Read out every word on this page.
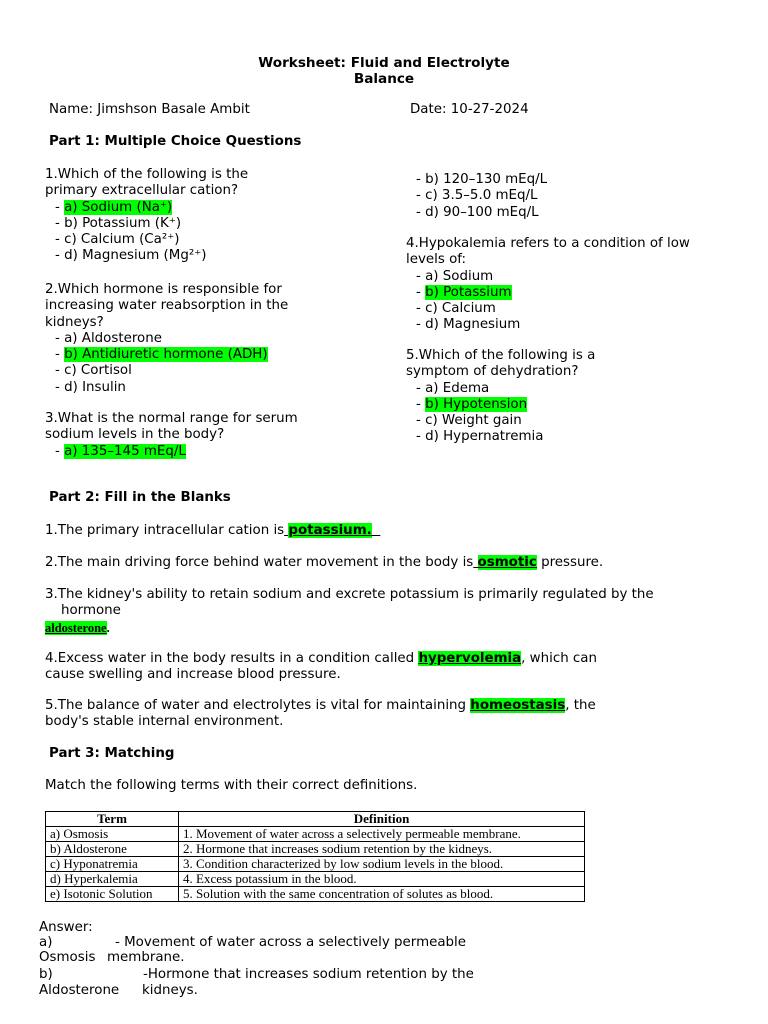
Worksheet: Fluid and Electrolyte
Balance
Name: Jimshson Basale Ambit	Date: 10-27-2024
Part 1: Multiple Choice Questions
1.Which of the following is the
primary extracellular cation?
- a) Sodium (Na⁺)
- b) Potassium (K⁺)
- c) Calcium (Ca²⁺)
- d) Magnesium (Mg²⁺)
2.Which hormone is responsible for
increasing water reabsorption in the
kidneys?
- a) Aldosterone
- b) Antidiuretic hormone (ADH)
- c) Cortisol
- d) Insulin
3.What is the normal range for serum
sodium levels in the body?
- a) 135–145 mEq/L
- b) 120–130 mEq/L
- c) 3.5–5.0 mEq/L
- d) 90–100 mEq/L
4.Hypokalemia refers to a condition of low
levels of:
- a) Sodium
- b) Potassium
- c) Calcium
- d) Magnesium
5.Which of the following is a
symptom of dehydration?
- a) Edema
- b) Hypotension
- c) Weight gain
- d) Hypernatremia
Part 2: Fill in the Blanks
1.The primary intracellular cation is potassium.
2.The main driving force behind water movement in the body is osmotic pressure.
3.The kidney's ability to retain sodium and excrete potassium is primarily regulated by the
hormone
aldosterone.
4.Excess water in the body results in a condition called hypervolemia, which can
cause swelling and increase blood pressure.
5.The balance of water and electrolytes is vital for maintaining homeostasis, the
body's stable internal environment.
Part 3: Matching
Match the following terms with their correct definitions.
Term	Definition
a) Osmosis	1. Movement of water across a selectively permeable membrane.
b) Aldosterone	2. Hormone that increases sodium retention by the kidneys.
c) Hyponatremia	3. Condition characterized by low sodium levels in the blood.
d) Hyperkalemia	4. Excess potassium in the blood.
e) Isotonic Solution	5. Solution with the same concentration of solutes as blood.
Answer:
a)
Osmosis
- Movement of water across a selectively permeable
membrane.
b)
Aldosterone
-Hormone that increases sodium retention by the
kidneys.
